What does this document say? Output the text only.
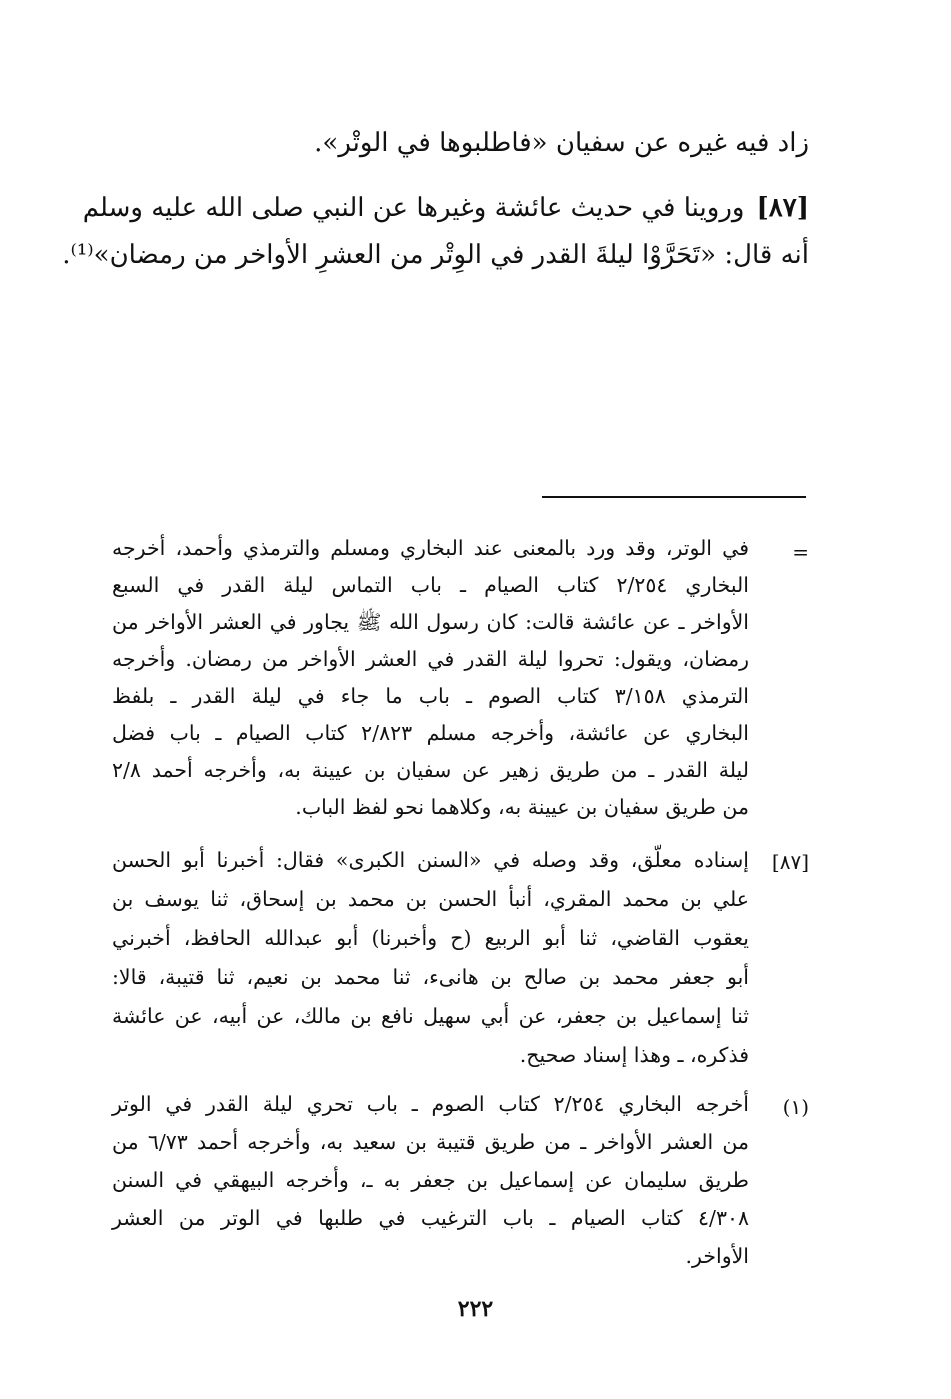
زاد فيه غيره عن سفيان «فاطلبوها في الوتْر».
[٨٧]وروينا في حديث عائشة وغيرها عن النبي صلى الله عليه وسلم
أنه قال: «تَحَرَّوْا ليلةَ القدر في الوِتْر من العشرِ الأواخر من رمضان»⁽¹⁾.
=
في الوتر، وقد ورد بالمعنى عند البخاري ومسلم والترمذي وأحمد، أخرجه
البخاري ٢/٢٥٤ كتاب الصيام ـ باب التماس ليلة القدر في السبع
الأواخر ـ عن عائشة قالت: كان رسول الله ﷺ يجاور في العشر الأواخر من
رمضان، ويقول: تحروا ليلة القدر في العشر الأواخر من رمضان. وأخرجه
الترمذي ٣/١٥٨ كتاب الصوم ـ باب ما جاء في ليلة القدر ـ بلفظ
البخاري عن عائشة، وأخرجه مسلم ٢/٨٢٣ كتاب الصيام ـ باب فضل
ليلة القدر ـ من طريق زهير عن سفيان بن عيينة به، وأخرجه أحمد ٢/٨
من طريق سفيان بن عيينة به، وكلاهما نحو لفظ الباب.
[٨٧]
إسناده معلّق، وقد وصله في «السنن الكبرى» فقال: أخبرنا أبو الحسن
علي بن محمد المقري، أنبأ الحسن بن محمد بن إسحاق، ثنا يوسف بن
يعقوب القاضي، ثنا أبو الربيع (ح وأخبرنا) أبو عبدالله الحافظ، أخبرني
أبو جعفر محمد بن صالح بن هانىء، ثنا محمد بن نعيم، ثنا قتيبة، قالا:
ثنا إسماعيل بن جعفر، عن أبي سهيل نافع بن مالك، عن أبيه، عن عائشة
فذكره، ـ وهذا إسناد صحيح.
(١)
أخرجه البخاري ٢/٢٥٤ كتاب الصوم ـ باب تحري ليلة القدر في الوتر
من العشر الأواخر ـ من طريق قتيبة بن سعيد به، وأخرجه أحمد ٦/٧٣ من
طريق سليمان عن إسماعيل بن جعفر به ـ، وأخرجه البيهقي في السنن
٤/٣٠٨ كتاب الصيام ـ باب الترغيب في طلبها في الوتر من العشر
الأواخر.
٢٢٢
